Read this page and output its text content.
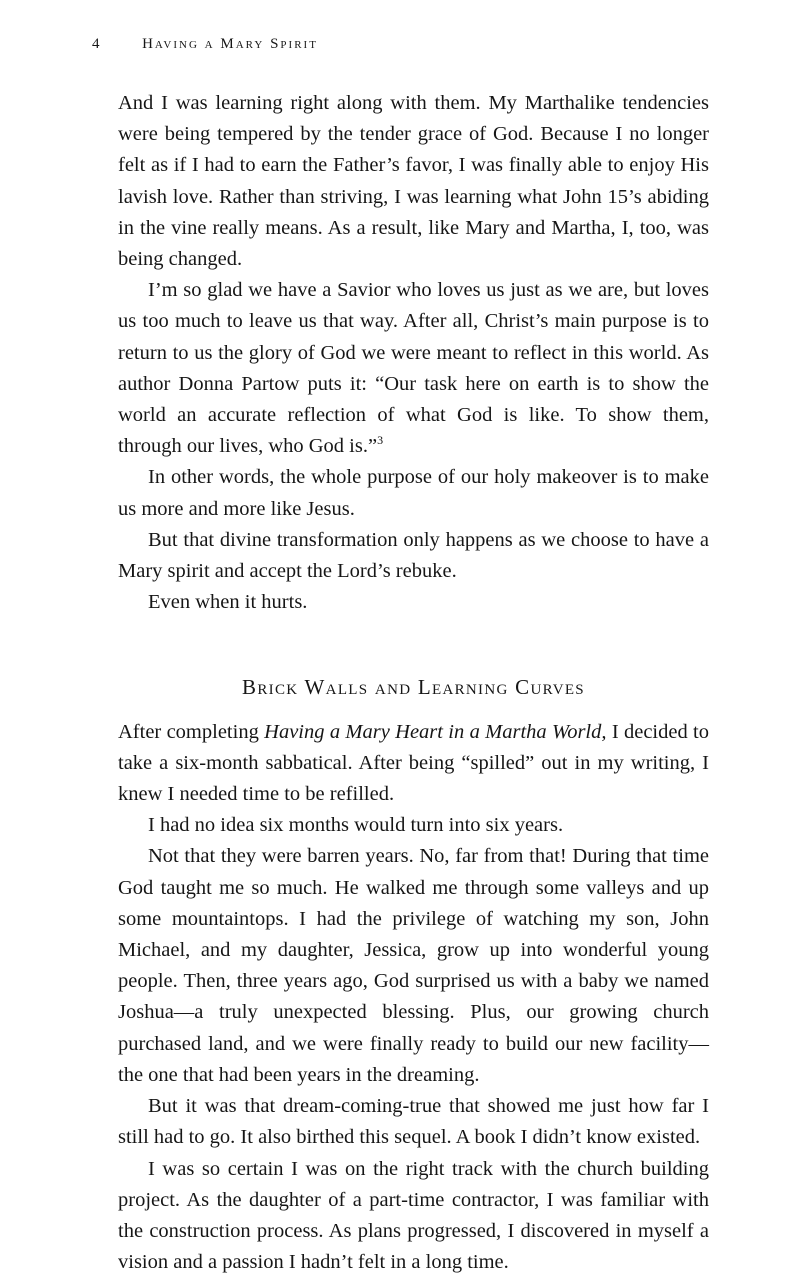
4	Having a Mary Spirit

And I was learning right along with them. My Marthalike tendencies were being tempered by the tender grace of God. Because I no longer felt as if I had to earn the Father’s favor, I was finally able to enjoy His lavish love. Rather than striving, I was learning what John 15’s abiding in the vine really means. As a result, like Mary and Martha, I, too, was being changed.

I’m so glad we have a Savior who loves us just as we are, but loves us too much to leave us that way. After all, Christ’s main purpose is to return to us the glory of God we were meant to reflect in this world. As author Donna Partow puts it: “Our task here on earth is to show the world an accurate reflection of what God is like. To show them, through our lives, who God is.”$^3$

In other words, the whole purpose of our holy makeover is to make us more and more like Jesus.

But that divine transformation only happens as we choose to have a Mary spirit and accept the Lord’s rebuke.

Even when it hurts.

Brick Walls and Learning Curves

After completing Having a Mary Heart in a Martha World, I decided to take a six-month sabbatical. After being “spilled” out in my writing, I knew I needed time to be refilled.

I had no idea six months would turn into six years.

Not that they were barren years. No, far from that! During that time God taught me so much. He walked me through some valleys and up some mountaintops. I had the privilege of watching my son, John Michael, and my daughter, Jessica, grow up into wonderful young people. Then, three years ago, God surprised us with a baby we named Joshua—a truly unexpected blessing. Plus, our growing church purchased land, and we were finally ready to build our new facility—the one that had been years in the dreaming.

But it was that dream-coming-true that showed me just how far I still had to go. It also birthed this sequel. A book I didn’t know existed.

I was so certain I was on the right track with the church building project. As the daughter of a part-time contractor, I was familiar with the construction process. As plans progressed, I discovered in myself a vision and a passion I hadn’t felt in a long time.
